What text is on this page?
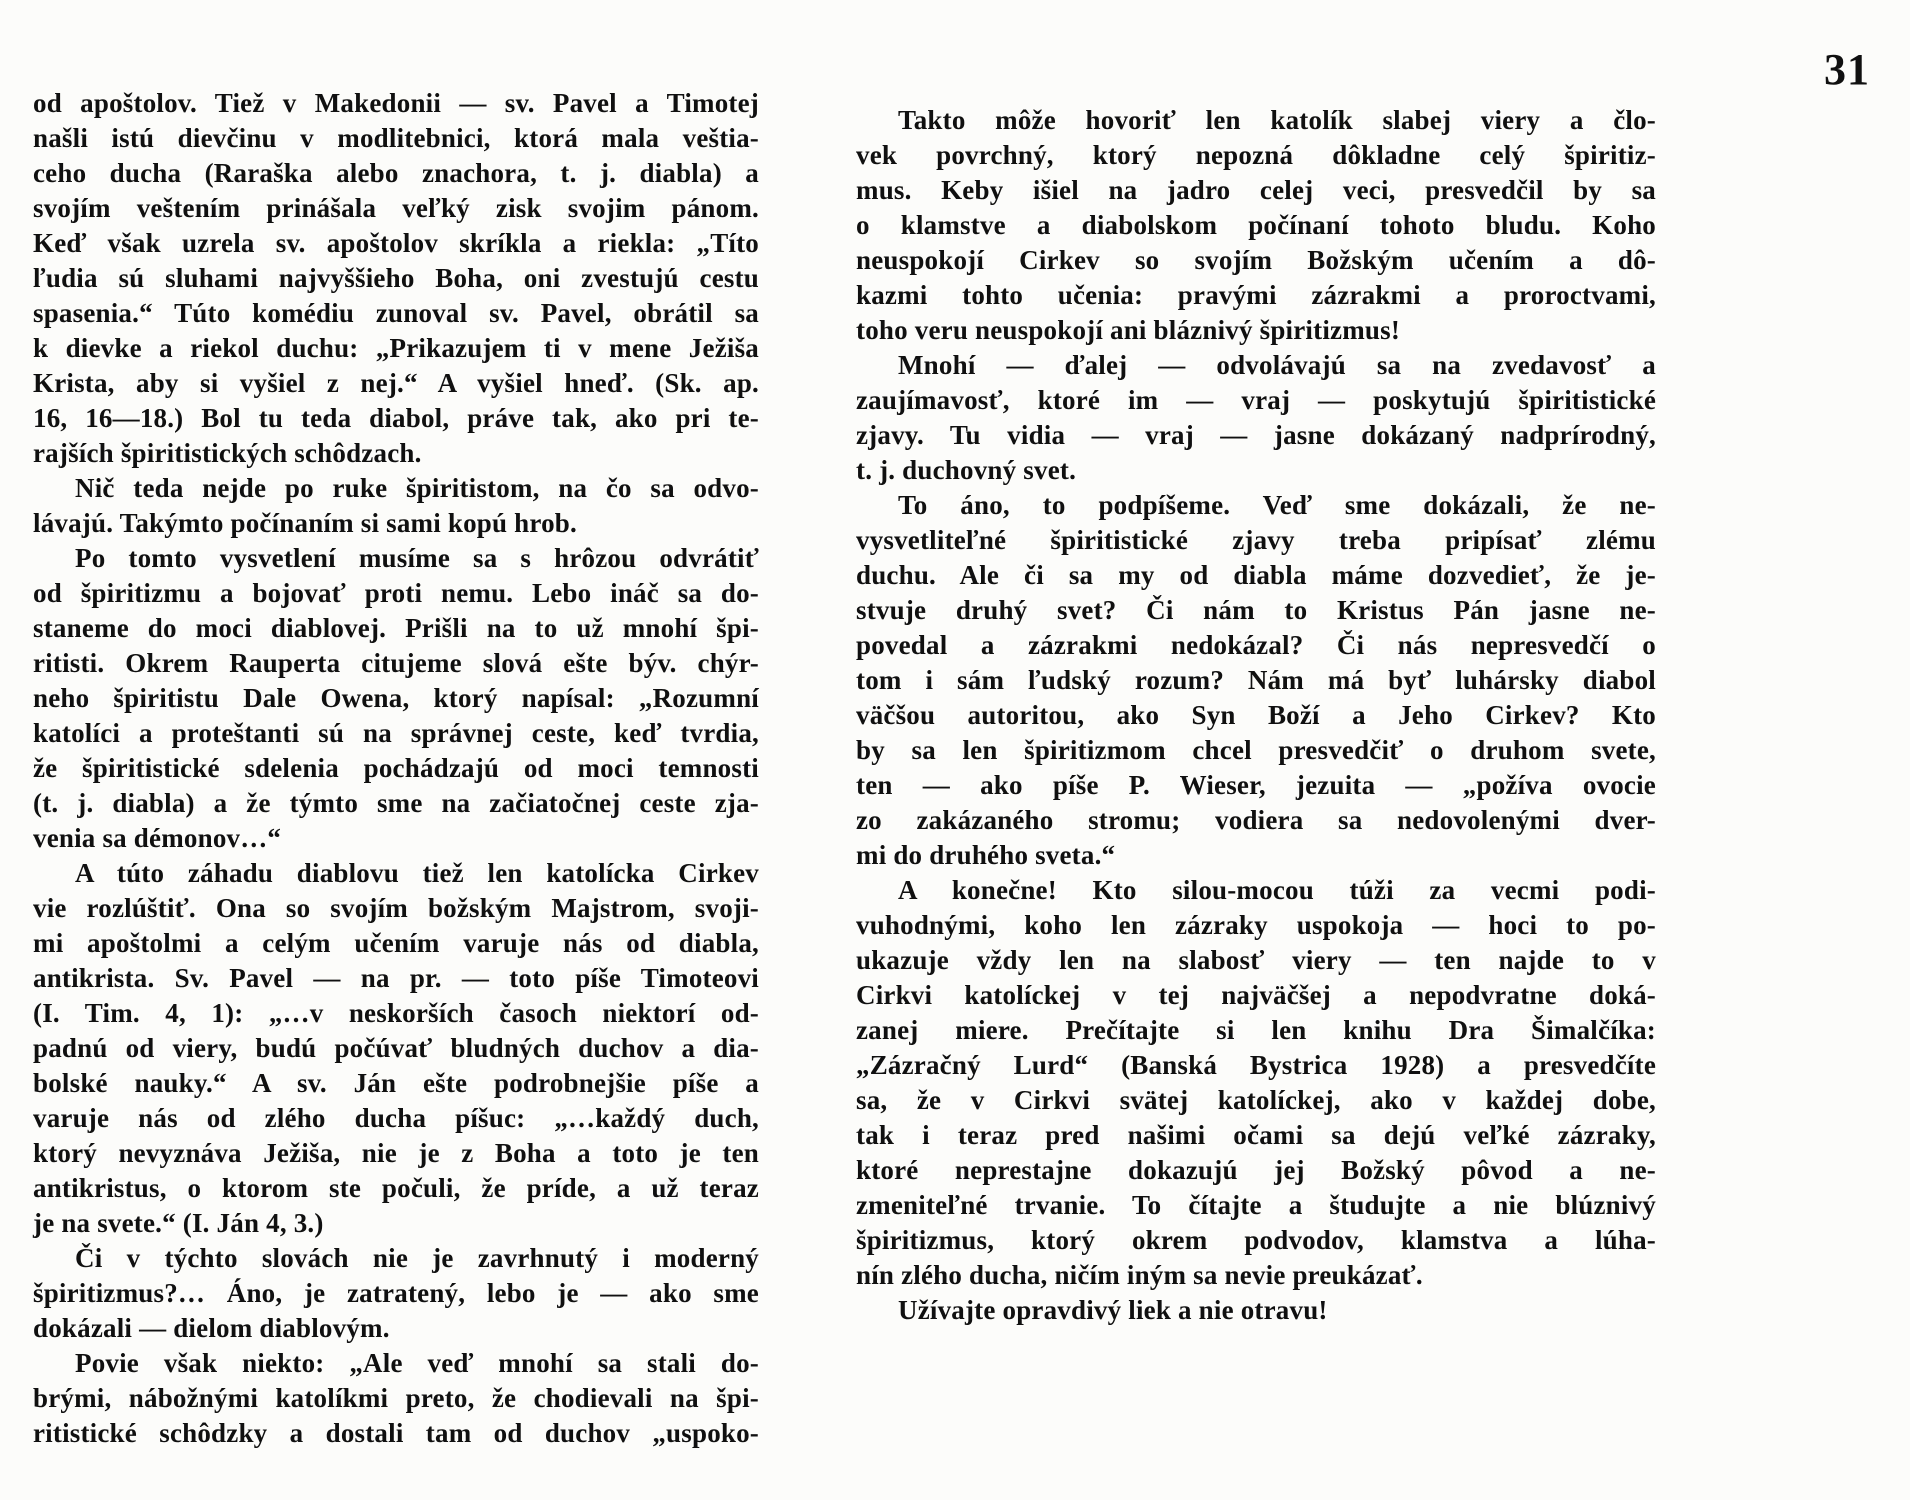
31

od apoštolov. Tiež v Makedonii — sv. Pavel a Timotej
našli istú dievčinu v modlitebnici, ktorá mala veštia-
ceho ducha (Raraška alebo znachora, t. j. diabla) a
svojím veštením prinášala veľký zisk svojim pánom.
Keď však uzrela sv. apoštolov skríkla a riekla: „Títo
ľudia sú sluhami najvyššieho Boha, oni zvestujú cestu
spasenia.“ Túto komédiu zunoval sv. Pavel, obrátil sa
k dievke a riekol duchu: „Prikazujem ti v mene Ježiša
Krista, aby si vyšiel z nej.“ A vyšiel hneď. (Sk. ap.
16, 16—18.) Bol tu teda diabol, práve tak, ako pri te-
rajších špiritistických schôdzach.

Nič teda nejde po ruke špiritistom, na čo sa odvo-
lávajú. Takýmto počínaním si sami kopú hrob.

Po tomto vysvetlení musíme sa s hrôzou odvrátiť
od špiritizmu a bojovať proti nemu. Lebo ináč sa do-
staneme do moci diablovej. Prišli na to už mnohí špi-
ritisti. Okrem Rauperta citujeme slová ešte býv. chýr-
neho špiritistu Dale Owena, ktorý napísal: „Rozumní
katolíci a proteštanti sú na správnej ceste, keď tvrdia,
že špiritistické sdelenia pochádzajú od moci temnosti
(t. j. diabla) a že týmto sme na začiatočnej ceste zja-
venia sa démonov…“

A túto záhadu diablovu tiež len katolícka Cirkev
vie rozlúštiť. Ona so svojím božským Majstrom, svoji-
mi apoštolmi a celým učením varuje nás od diabla,
antikrista. Sv. Pavel — na pr. — toto píše Timoteovi
(I. Tim. 4, 1): „…v neskorších časoch niektorí od-
padnú od viery, budú počúvať bludných duchov a dia-
bolské nauky.“ A sv. Ján ešte podrobnejšie píše a
varuje nás od zlého ducha píšuc: „…každý duch,
ktorý nevyznáva Ježiša, nie je z Boha a toto je ten
antikristus, o ktorom ste počuli, že príde, a už teraz
je na svete.“ (I. Ján 4, 3.)

Či v týchto slovách nie je zavrhnutý i moderný
špiritizmus?… Áno, je zatratený, lebo je — ako sme
dokázali — dielom diablovým.

Povie však niekto: „Ale veď mnohí sa stali do-
brými, nábožnými katolíkmi preto, že chodievali na špi-
ritistické schôdzky a dostali tam od duchov „uspoko-

Takto môže hovoriť len katolík slabej viery a člo-
vek povrchný, ktorý nepozná dôkladne celý špiritiz-
mus. Keby išiel na jadro celej veci, presvedčil by sa
o klamstve a diabolskom počínaní tohoto bludu. Koho
neuspokojí Cirkev so svojím Božským učením a dô-
kazmi tohto učenia: pravými zázrakmi a proroctvami,
toho veru neuspokojí ani bláznivý špiritizmus!

Mnohí — ďalej — odvolávajú sa na zvedavosť a
zaujímavosť, ktoré im — vraj — poskytujú špiritistické
zjavy. Tu vidia — vraj — jasne dokázaný nadprírodný,
t. j. duchovný svet.

To áno, to podpíšeme. Veď sme dokázali, že ne-
vysvetliteľné špiritistické zjavy treba pripísať zlému
duchu. Ale či sa my od diabla máme dozvedieť, že je-
stvuje druhý svet? Či nám to Kristus Pán jasne ne-
povedal a zázrakmi nedokázal? Či nás nepresvedčí o
tom i sám ľudský rozum? Nám má byť luhársky diabol
väčšou autoritou, ako Syn Boží a Jeho Cirkev? Kto
by sa len špiritizmom chcel presvedčiť o druhom svete,
ten — ako píše P. Wieser, jezuita — „požíva ovocie
zo zakázaného stromu; vodiera sa nedovolenými dver-
mi do druhého sveta.“

A konečne! Kto silou-mocou túži za vecmi podi-
vuhodnými, koho len zázraky uspokoja — hoci to po-
ukazuje vždy len na slabosť viery — ten najde to v
Cirkvi katolíckej v tej najväčšej a nepodvratne doká-
zanej miere. Prečítajte si len knihu Dra Šimalčíka:
„Zázračný Lurd“ (Banská Bystrica 1928) a presvedčíte
sa, že v Cirkvi svätej katolíckej, ako v každej dobe,
tak i teraz pred našimi očami sa dejú veľké zázraky,
ktoré neprestajne dokazujú jej Božský pôvod a ne-
zmeniteľné trvanie. To čítajte a študujte a nie blúznivý
špiritizmus, ktorý okrem podvodov, klamstva a lúha-
nín zlého ducha, ničím iným sa nevie preukázať.

Užívajte opravdivý liek a nie otravu!
